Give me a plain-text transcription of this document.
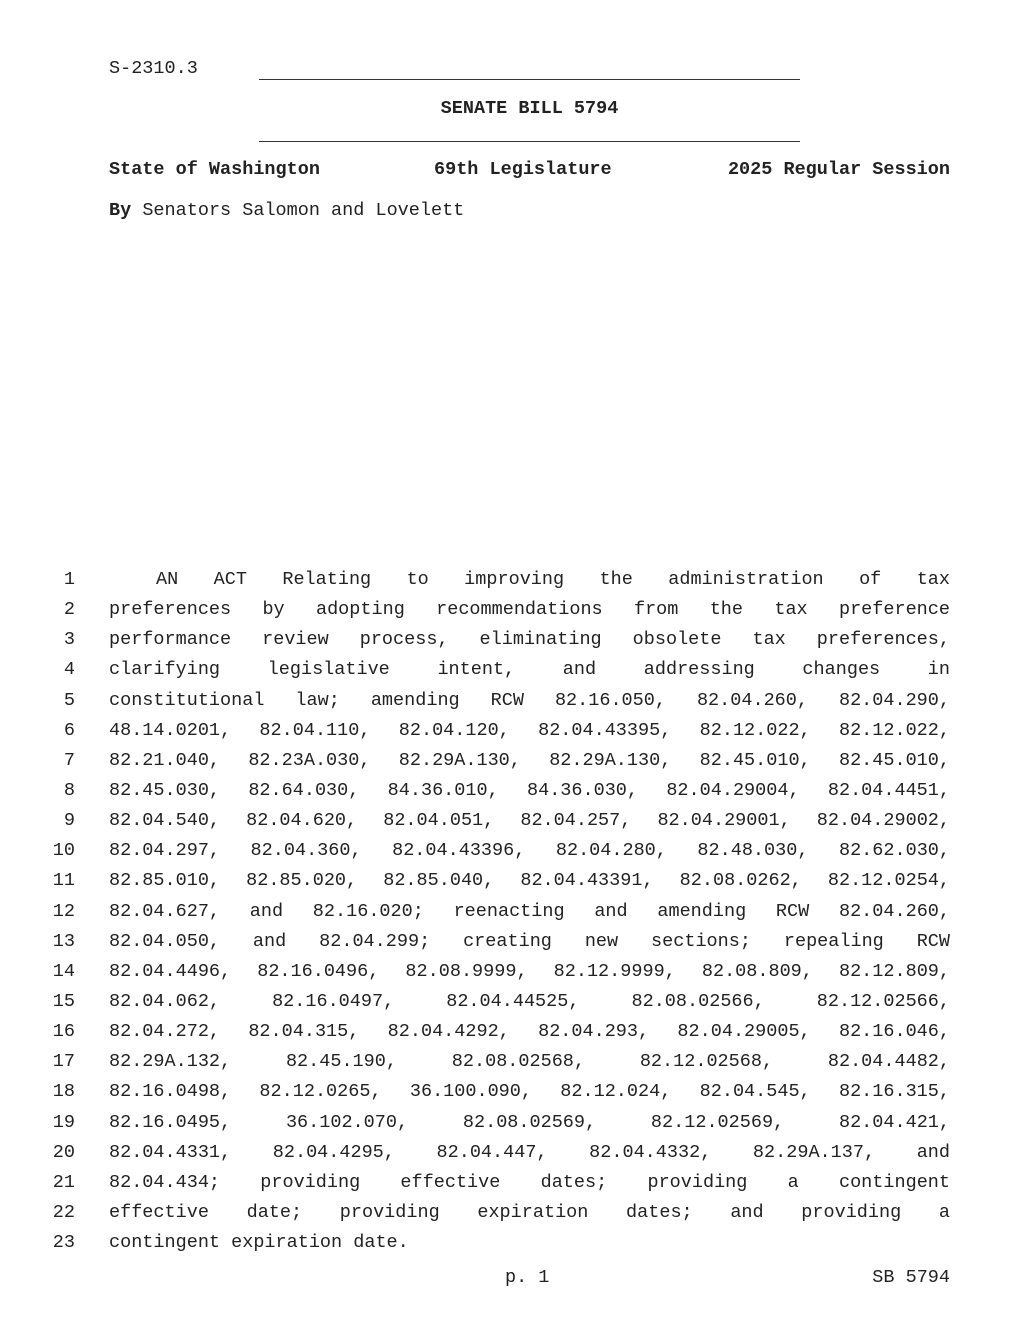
S-2310.3
SENATE BILL 5794
State of Washington	69th Legislature	2025 Regular Session
By Senators Salomon and Lovelett
1	AN ACT Relating to improving the administration of tax
2 preferences by adopting recommendations from the tax preference
3 performance review process, eliminating obsolete tax preferences,
4 clarifying legislative intent, and addressing changes in
5 constitutional law; amending RCW 82.16.050, 82.04.260, 82.04.290,
6 48.14.0201, 82.04.110, 82.04.120, 82.04.43395, 82.12.022, 82.12.022,
7 82.21.040, 82.23A.030, 82.29A.130, 82.29A.130, 82.45.010, 82.45.010,
8 82.45.030, 82.64.030, 84.36.010, 84.36.030, 82.04.29004, 82.04.4451,
9 82.04.540, 82.04.620, 82.04.051, 82.04.257, 82.04.29001, 82.04.29002,
10 82.04.297, 82.04.360, 82.04.43396, 82.04.280, 82.48.030, 82.62.030,
11 82.85.010, 82.85.020, 82.85.040, 82.04.43391, 82.08.0262, 82.12.0254,
12 82.04.627, and 82.16.020; reenacting and amending RCW 82.04.260,
13 82.04.050, and 82.04.299; creating new sections; repealing RCW
14 82.04.4496, 82.16.0496, 82.08.9999, 82.12.9999, 82.08.809, 82.12.809,
15 82.04.062, 82.16.0497, 82.04.44525, 82.08.02566, 82.12.02566,
16 82.04.272, 82.04.315, 82.04.4292, 82.04.293, 82.04.29005, 82.16.046,
17 82.29A.132, 82.45.190, 82.08.02568, 82.12.02568, 82.04.4482,
18 82.16.0498, 82.12.0265, 36.100.090, 82.12.024, 82.04.545, 82.16.315,
19 82.16.0495, 36.102.070, 82.08.02569, 82.12.02569, 82.04.421,
20 82.04.4331, 82.04.4295, 82.04.447, 82.04.4332, 82.29A.137, and
21 82.04.434; providing effective dates; providing a contingent
22 effective date; providing expiration dates; and providing a
23 contingent expiration date.
p. 1	SB 5794
